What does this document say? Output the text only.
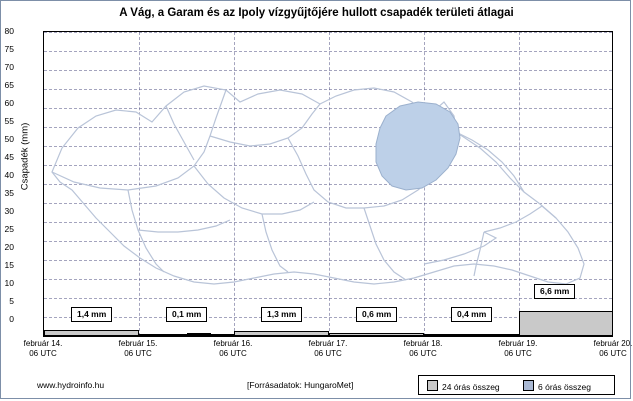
A Vág, a Garam és az Ipoly vízgyűjtőjére hullott csapadék területi átlagai
Csapadék (mm)
80
75
70
65
60
55
50
45
40
35
30
25
20
15
10
5
0
február 14.
06 UTC
február 15.
06 UTC
február 16.
06 UTC
február 17.
06 UTC
február 18.
06 UTC
február 19.
06 UTC
február 20.
06 UTC
1,4 mm	0,1 mm	1,3 mm	0,6 mm	0,4 mm
6,6 mm
www.hydroinfo.hu	[Forrásadatok: HungaroMet]	24 órás összeg	6 órás összeg
